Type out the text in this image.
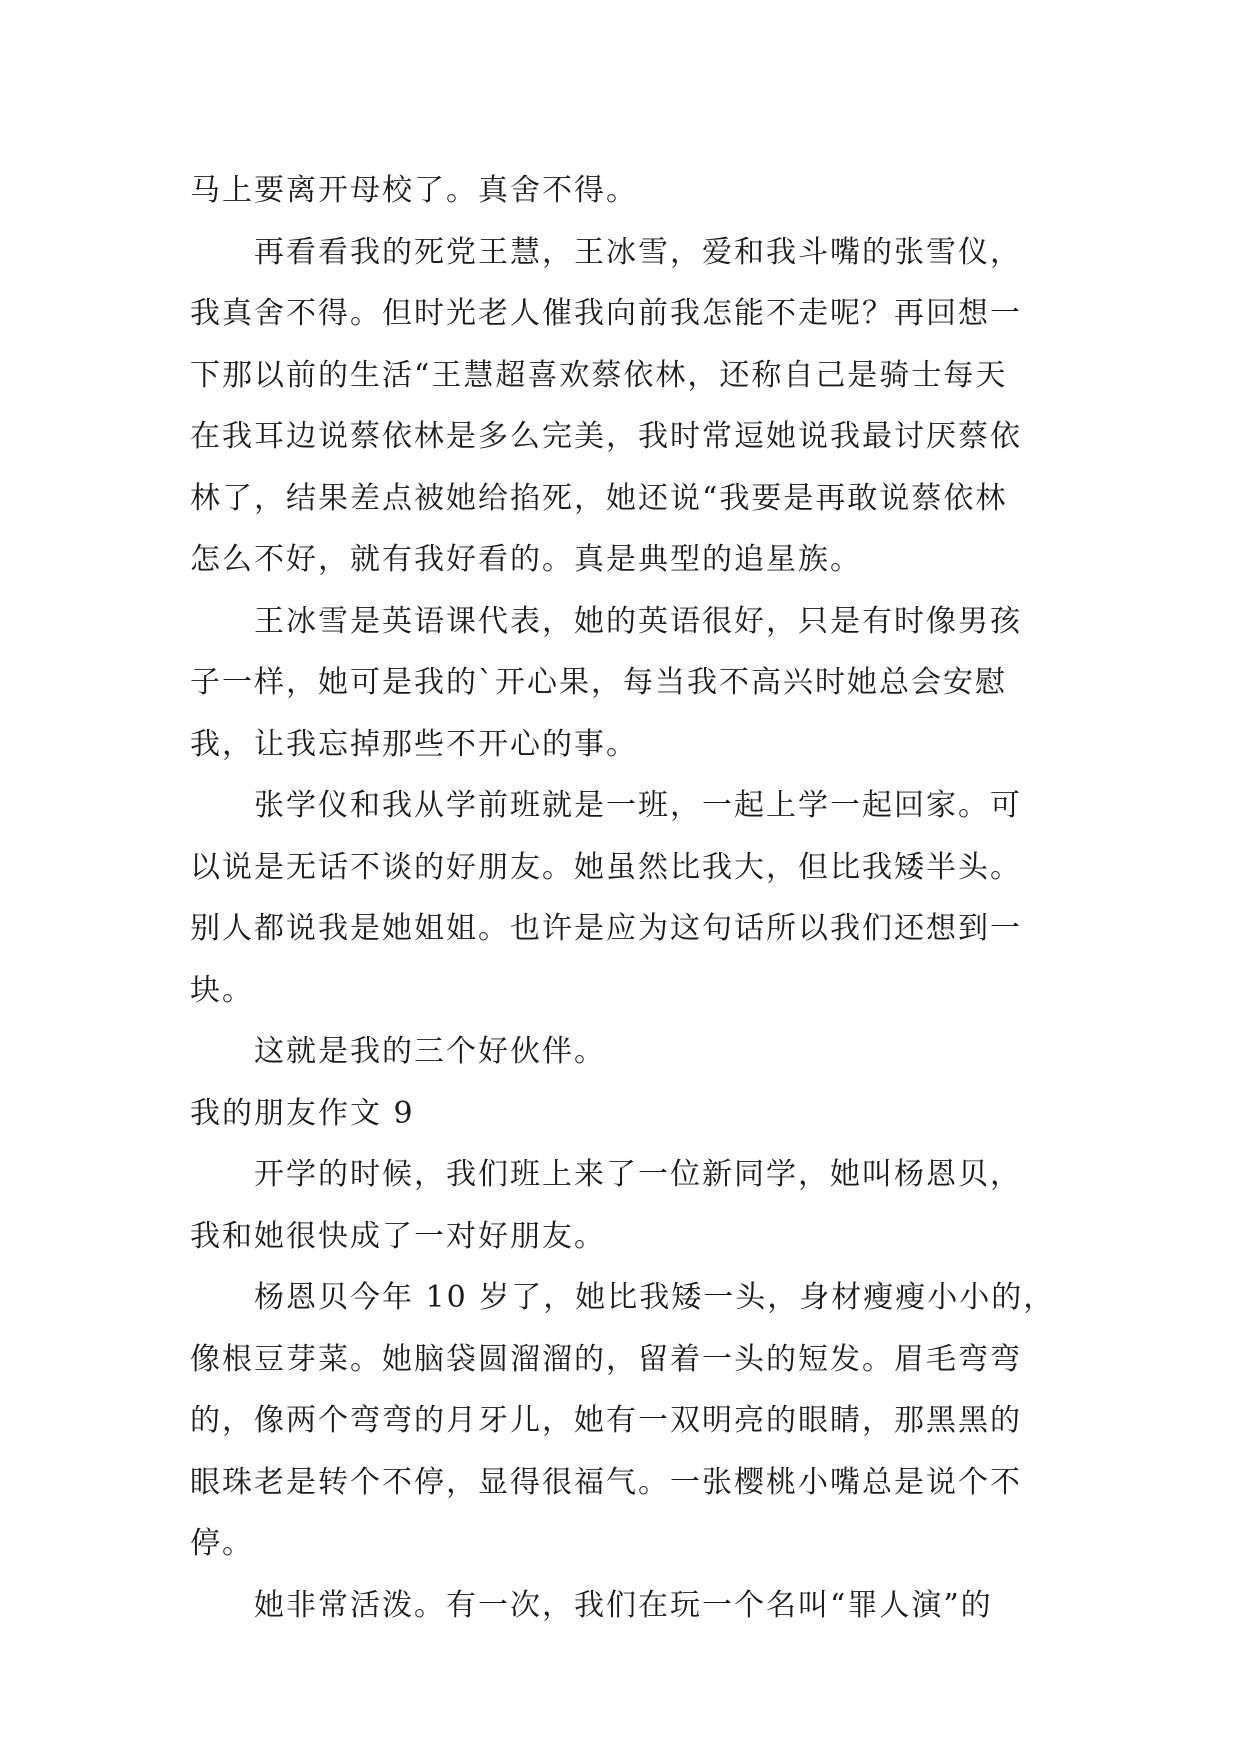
马上要离开母校了。真舍不得。
再看看我的死党王慧，王冰雪，爱和我斗嘴的张雪仪，
我真舍不得。但时光老人催我向前我怎能不走呢？再回想一
下那以前的生活“王慧超喜欢蔡依林，还称自己是骑士每天
在我耳边说蔡依林是多么完美，我时常逗她说我最讨厌蔡依
林了，结果差点被她给掐死，她还说“我要是再敢说蔡依林
怎么不好，就有我好看的。真是典型的追星族。
王冰雪是英语课代表，她的英语很好，只是有时像男孩
子一样，她可是我的`开心果，每当我不高兴时她总会安慰
我，让我忘掉那些不开心的事。
张学仪和我从学前班就是一班，一起上学一起回家。可
以说是无话不谈的好朋友。她虽然比我大，但比我矮半头。
别人都说我是她姐姐。也许是应为这句话所以我们还想到一
块。
这就是我的三个好伙伴。
我的朋友作文 9
开学的时候，我们班上来了一位新同学，她叫杨恩贝，
我和她很快成了一对好朋友。
杨恩贝今年 10 岁了，她比我矮一头，身材瘦瘦小小的，
像根豆芽菜。她脑袋圆溜溜的，留着一头的短发。眉毛弯弯
的，像两个弯弯的月牙儿，她有一双明亮的眼睛，那黑黑的
眼珠老是转个不停，显得很福气。一张樱桃小嘴总是说个不
停。
她非常活泼。有一次，我们在玩一个名叫“罪人演”的
